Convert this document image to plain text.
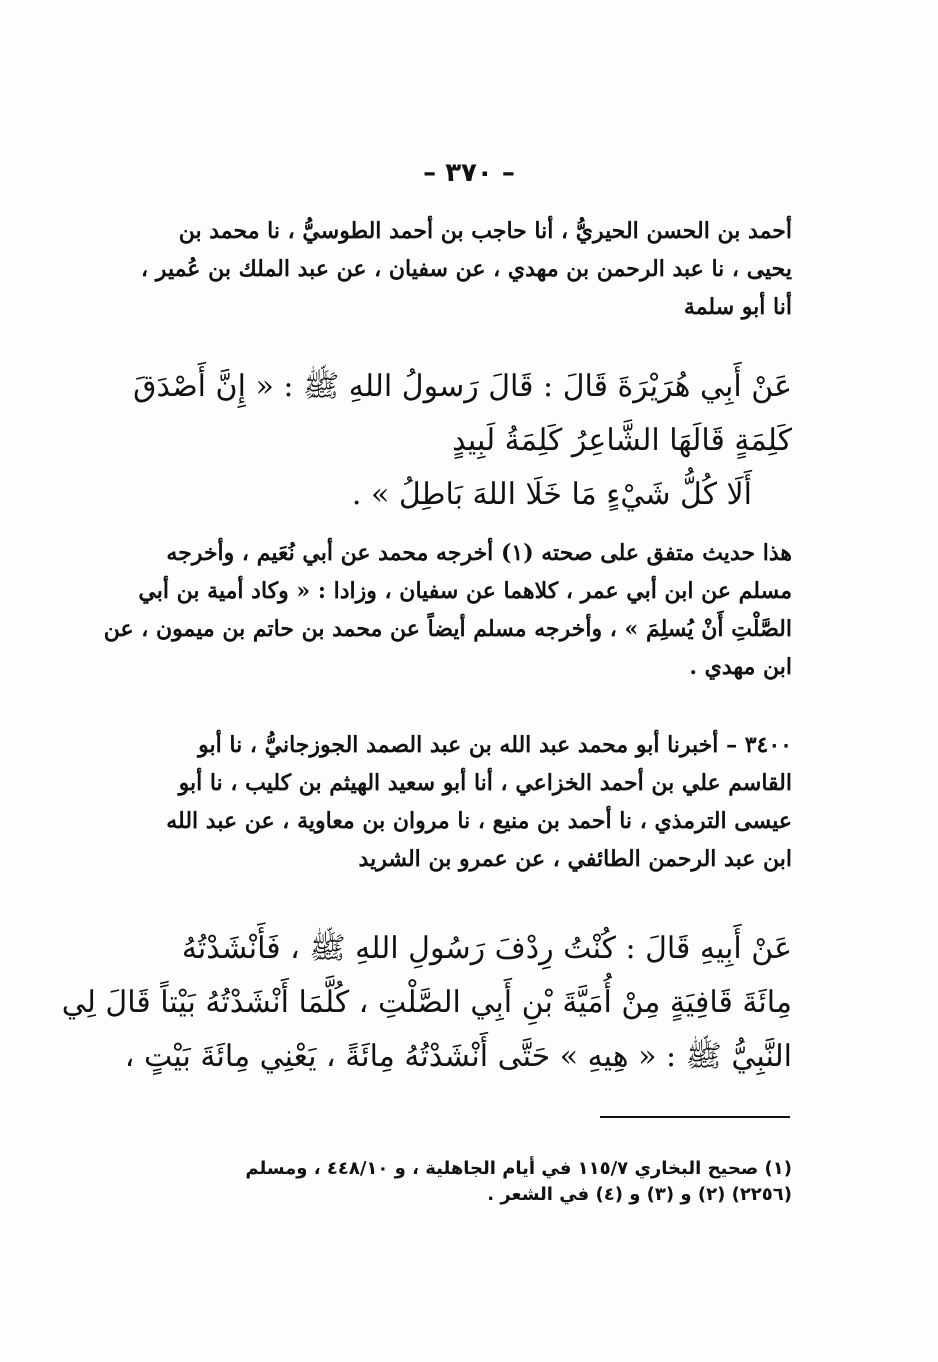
– ٣٧٠ –
أحمد بن الحسن الحيريُّ ، أنا حاجب بن أحمد الطوسيُّ ، نا محمد بن
يحيى ، نا عبد الرحمن بن مهدي ، عن سفيان ، عن عبد الملك بن عُمير ،
أنا أبو سلمة
عَنْ أَبِي هُرَيْرَةَ قَالَ : قَالَ رَسولُ اللهِ ﷺ : « إِنَّ أَصْدَقَ
كَلِمَةٍ قَالَهَا الشَّاعِرُ كَلِمَةُ لَبِيدٍ
أَلَا كُلُّ شَيْءٍ مَا خَلَا اللهَ بَاطِلُ » .
هذا حديث متفق على صحته (١) أخرجه محمد عن أبي نُعَيم ، وأخرجه
مسلم عن ابن أبي عمر ، كلاهما عن سفيان ، وزادا : « وكاد أمية بن أبي
الصَّلْتِ أَنْ يُسلِمَ » ، وأخرجه مسلم أيضاً عن محمد بن حاتم بن ميمون ، عن
ابن مهدي .
٣٤٠٠ – أخبرنا أبو محمد عبد الله بن عبد الصمد الجوزجانيُّ ، نا أبو
القاسم علي بن أحمد الخزاعي ، أنا أبو سعيد الهيثم بن كليب ، نا أبو
عيسى الترمذي ، نا أحمد بن منيع ، نا مروان بن معاوية ، عن عبد الله
ابن عبد الرحمن الطائفي ، عن عمرو بن الشريد
عَنْ أَبِيهِ قَالَ : كُنْتُ رِدْفَ رَسُولِ اللهِ ﷺ ، فَأَنْشَدْتُهُ
مِائَةَ قَافِيَةٍ مِنْ أُمَيَّةَ بْنِ أَبِي الصَّلْتِ ، كُلَّمَا أَنْشَدْتُهُ بَيْتاً قَالَ لِي
النَّبِيُّ ﷺ : « هِيهِ » حَتَّى أَنْشَدْتُهُ مِائَةً ، يَعْنِي مِائَةَ بَيْتٍ ،
(١) صحيح البخاري ١١٥/٧ في أيام الجاهلية ، و ٤٤٨/١٠ ، ومسلم
(٢٢٥٦) (٢) و (٣) و (٤) في الشعر .
